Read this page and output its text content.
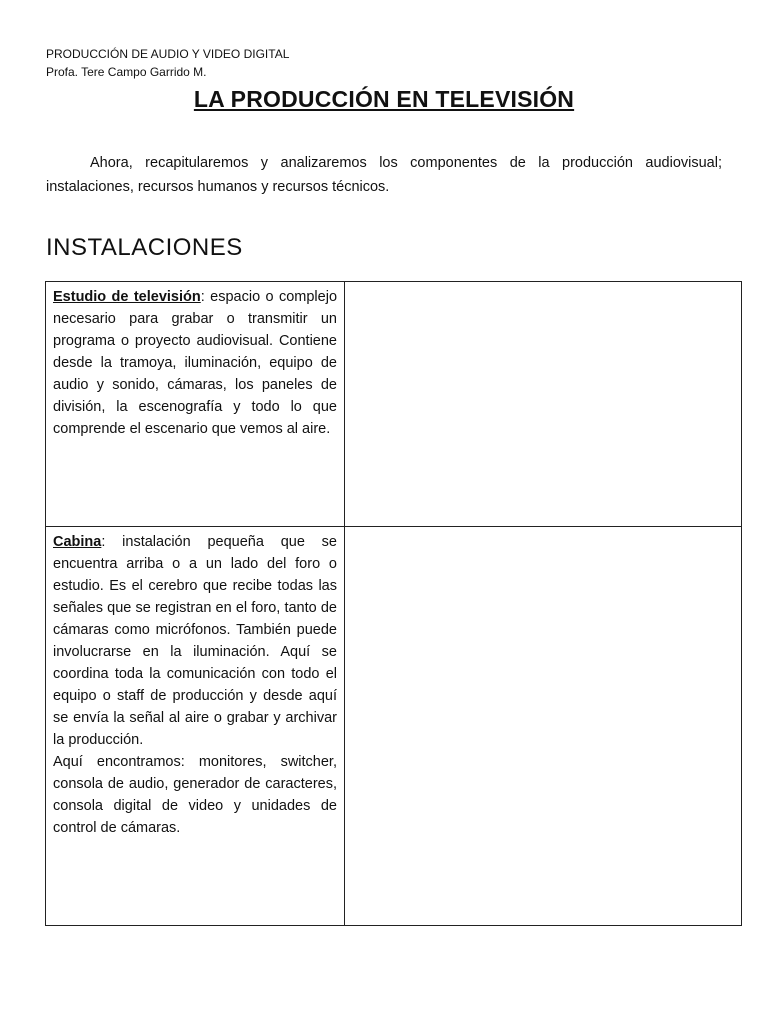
PRODUCCIÓN DE AUDIO Y VIDEO DIGITAL
Profa. Tere Campo Garrido M.
LA PRODUCCIÓN EN TELEVISIÓN
Ahora, recapitularemos y analizaremos los componentes de la producción audiovisual; instalaciones, recursos humanos y recursos técnicos.
INSTALACIONES

Estudio de televisión: espacio o complejo necesario para grabar o transmitir un programa o proyecto audiovisual. Contiene desde la tramoya, iluminación, equipo de audio y sonido, cámaras, los paneles de división, la escenografía y todo lo que comprende el escenario que vemos al aire.	

Cabina: instalación pequeña que se encuentra arriba o a un lado del foro o estudio. Es el cerebro que recibe todas las señales que se registran en el foro, tanto de cámaras como micrófonos. También puede involucrarse en la iluminación. Aquí se coordina toda la comunicación con todo el equipo o staff de producción y desde aquí se envía la señal al aire o grabar y archivar la producción.

Aquí encontramos: monitores, switcher, consola de audio, generador de caracteres, consola digital de video y unidades de control de cámaras.	
